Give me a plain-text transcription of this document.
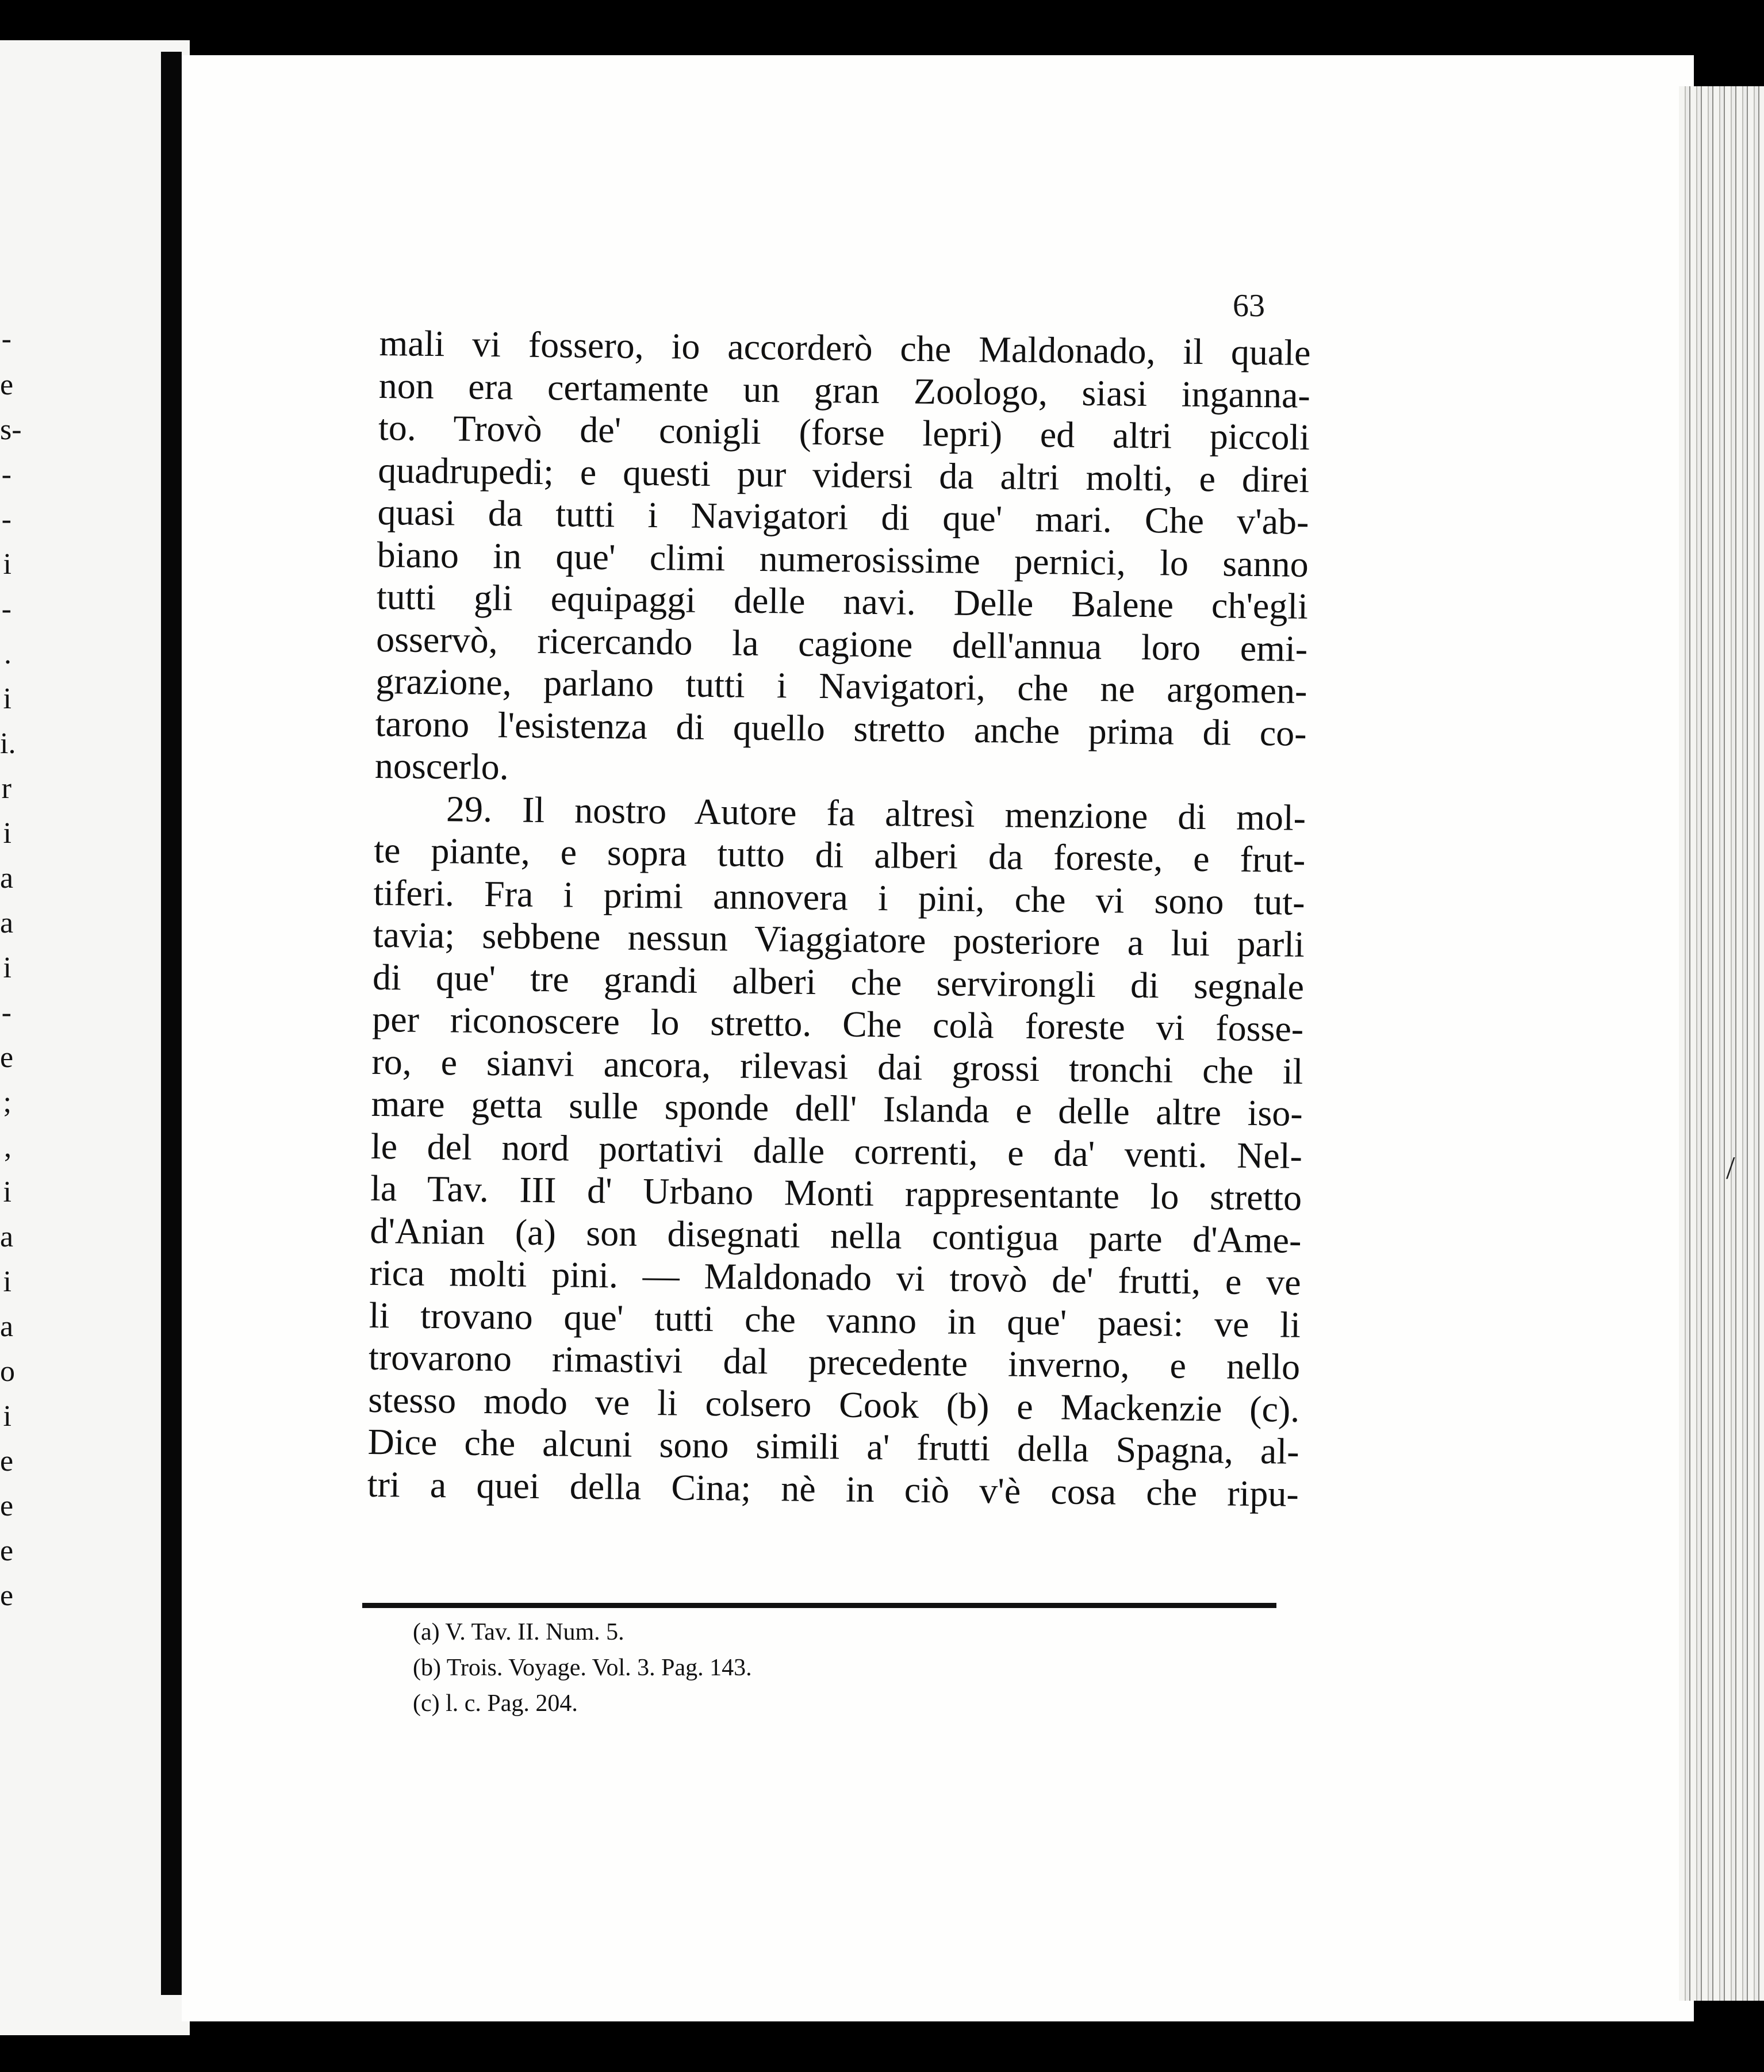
-
e
s-
-
-
i
-
.
i
i.
r
i
a
a
i
-
e
;
,
i
a
i
a
o
i
e
e
e
e
/

63

mali vi fossero, io accorderò che Maldonado, il quale
non era certamente un gran Zoologo, siasi inganna-
to. Trovò de' conigli (forse lepri) ed altri piccoli
quadrupedi; e questi pur vidersi da altri molti, e direi
quasi da tutti i Navigatori di que' mari. Che v'ab-
biano in que' climi numerosissime pernici, lo sanno
tutti gli equipaggi delle navi. Delle Balene ch'egli
osservò, ricercando la cagione dell'annua loro emi-
grazione, parlano tutti i Navigatori, che ne argomen-
tarono l'esistenza di quello stretto anche prima di co-
noscerlo.
29. Il nostro Autore fa altresì menzione di mol-
te piante, e sopra tutto di alberi da foreste, e frut-
tiferi. Fra i primi annovera i pini, che vi sono tut-
tavia; sebbene nessun Viaggiatore posteriore a lui parli
di que' tre grandi alberi che servirongli di segnale
per riconoscere lo stretto. Che colà foreste vi fosse-
ro, e sianvi ancora, rilevasi dai grossi tronchi che il
mare getta sulle sponde dell' Islanda e delle altre iso-
le del nord portativi dalle correnti, e da' venti. Nel-
la Tav. III d' Urbano Monti rappresentante lo stretto
d'Anian (a) son disegnati nella contigua parte d'Ame-
rica molti pini. — Maldonado vi trovò de' frutti, e ve
li trovano que' tutti che vanno in que' paesi: ve li
trovarono rimastivi dal precedente inverno, e nello
stesso modo ve li colsero Cook (b) e Mackenzie (c).
Dice che alcuni sono simili a' frutti della Spagna, al-
tri a quei della Cina; nè in ciò v'è cosa che ripu-
(a) V. Tav. II. Num. 5.
(b) Trois. Voyage. Vol. 3. Pag. 143.
(c) l. c. Pag. 204.
